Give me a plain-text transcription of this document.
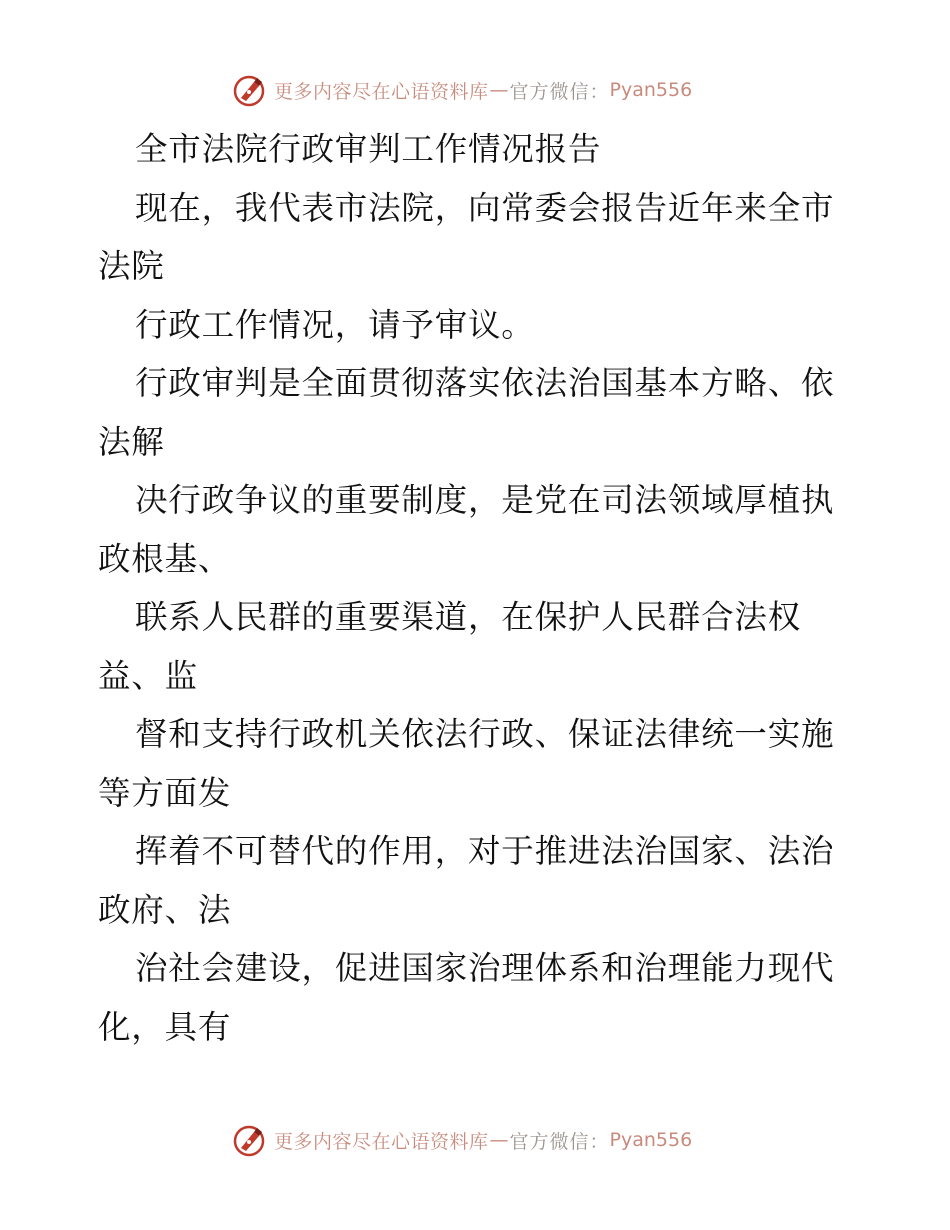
更多内容尽在心语资料库 — 官方微信： Pyan556
全市法院行政审判工作情况报告
现在，我代表市法院，向常委会报告近年来全市
法院
行政工作情况，请予审议。
行政审判是全面贯彻落实依法治国基本方略、依
法解
决行政争议的重要制度，是党在司法领域厚植执
政根基、
联系人民群的重要渠道，在保护人民群合法权
益、监
督和支持行政机关依法行政、保证法律统一实施
等方面发
挥着不可替代的作用，对于推进法治国家、法治
政府、法
治社会建设，促进国家治理体系和治理能力现代
化，具有
更多内容尽在心语资料库 — 官方微信： Pyan556
